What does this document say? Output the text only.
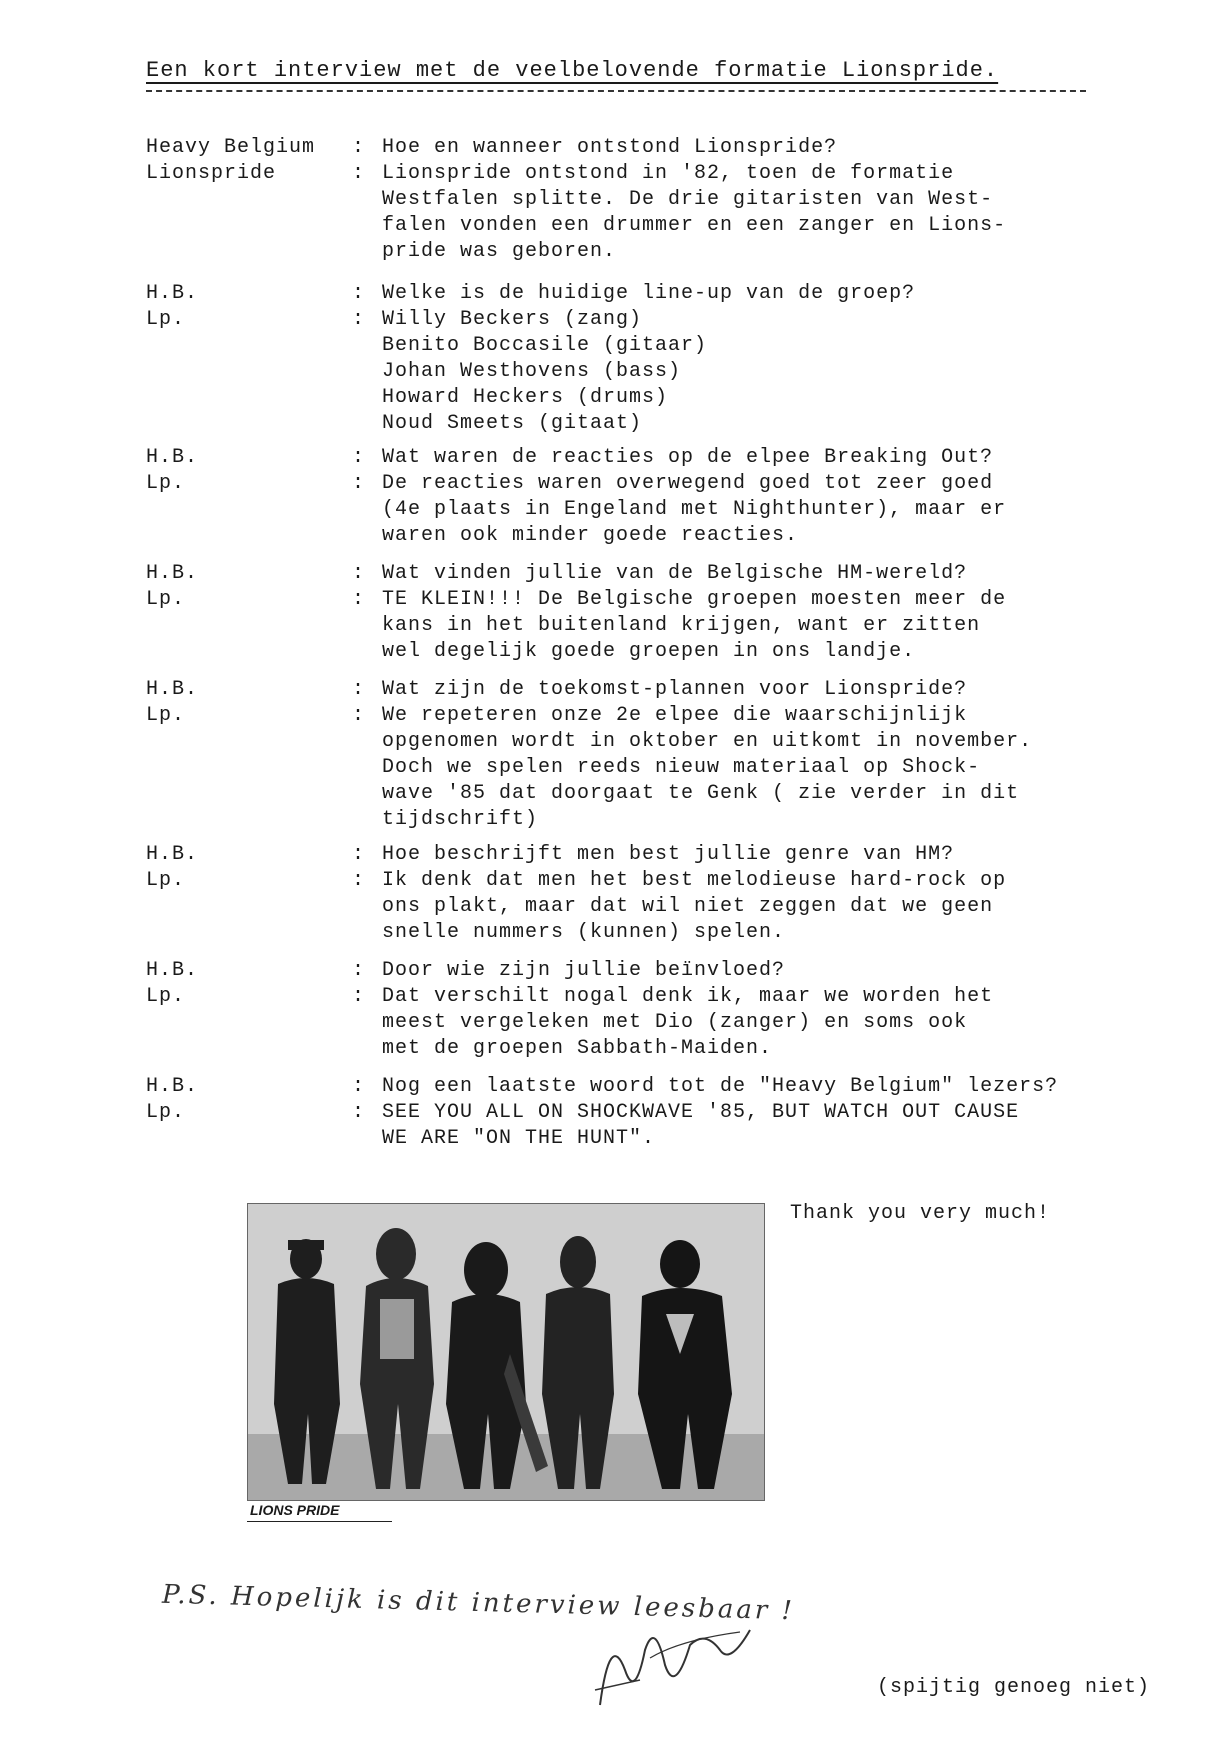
Een kort interview met de veelbelovende formatie Lionspride.
Heavy Belgium : Hoe en wanneer ontstond Lionspride?
Lionspride	: Lionspride ontstond in '82, toen de formatie
Westfalen splitte. De drie gitaristen van West-
falen vonden een drummer en een zanger en Lions-
pride was geboren.
H.B.	: Welke is de huidige line-up van de groep?
Lp.	: Willy Beckers (zang)
Benito Boccasile (gitaar)
Johan Westhovens (bass)
Howard Heckers (drums)
Noud Smeets (gitaat)
H.B.	: Wat waren de reacties op de elpee Breaking Out?
Lp.	: De reacties waren overwegend goed tot zeer goed
(4e plaats in Engeland met Nighthunter), maar er
waren ook minder goede reacties.
H.B.	: Wat vinden jullie van de Belgische HM-wereld?
Lp.	: TE KLEIN!!! De Belgische groepen moesten meer de
kans in het buitenland krijgen, want er zitten
wel degelijk goede groepen in ons landje.
H.B.	: Wat zijn de toekomst-plannen voor Lionspride?
Lp.	: We repeteren onze 2e elpee die waarschijnlijk
opgenomen wordt in oktober en uitkomt in november.
Doch we spelen reeds nieuw materiaal op Shock-
wave '85 dat doorgaat te Genk ( zie verder in dit
tijdschrift)
H.B.	: Hoe beschrijft men best jullie genre van HM?
Lp.	: Ik denk dat men het best melodieuse hard-rock op
ons plakt, maar dat wil niet zeggen dat we geen
snelle nummers (kunnen) spelen.
H.B.	: Door wie zijn jullie beïnvloed?
Lp.	: Dat verschilt nogal denk ik, maar we worden het
meest vergeleken met Dio (zanger) en soms ook
met de groepen Sabbath-Maiden.
H.B.	: Nog een laatste woord tot de "Heavy Belgium" lezers?
Lp.	: SEE YOU ALL ON SHOCKWAVE '85, BUT WATCH OUT CAUSE
WE ARE "ON THE HUNT".
LIONS PRIDE
Thank you very much!
P.S. Hopelijk is dit interview leesbaar !
(spijtig genoeg niet)
